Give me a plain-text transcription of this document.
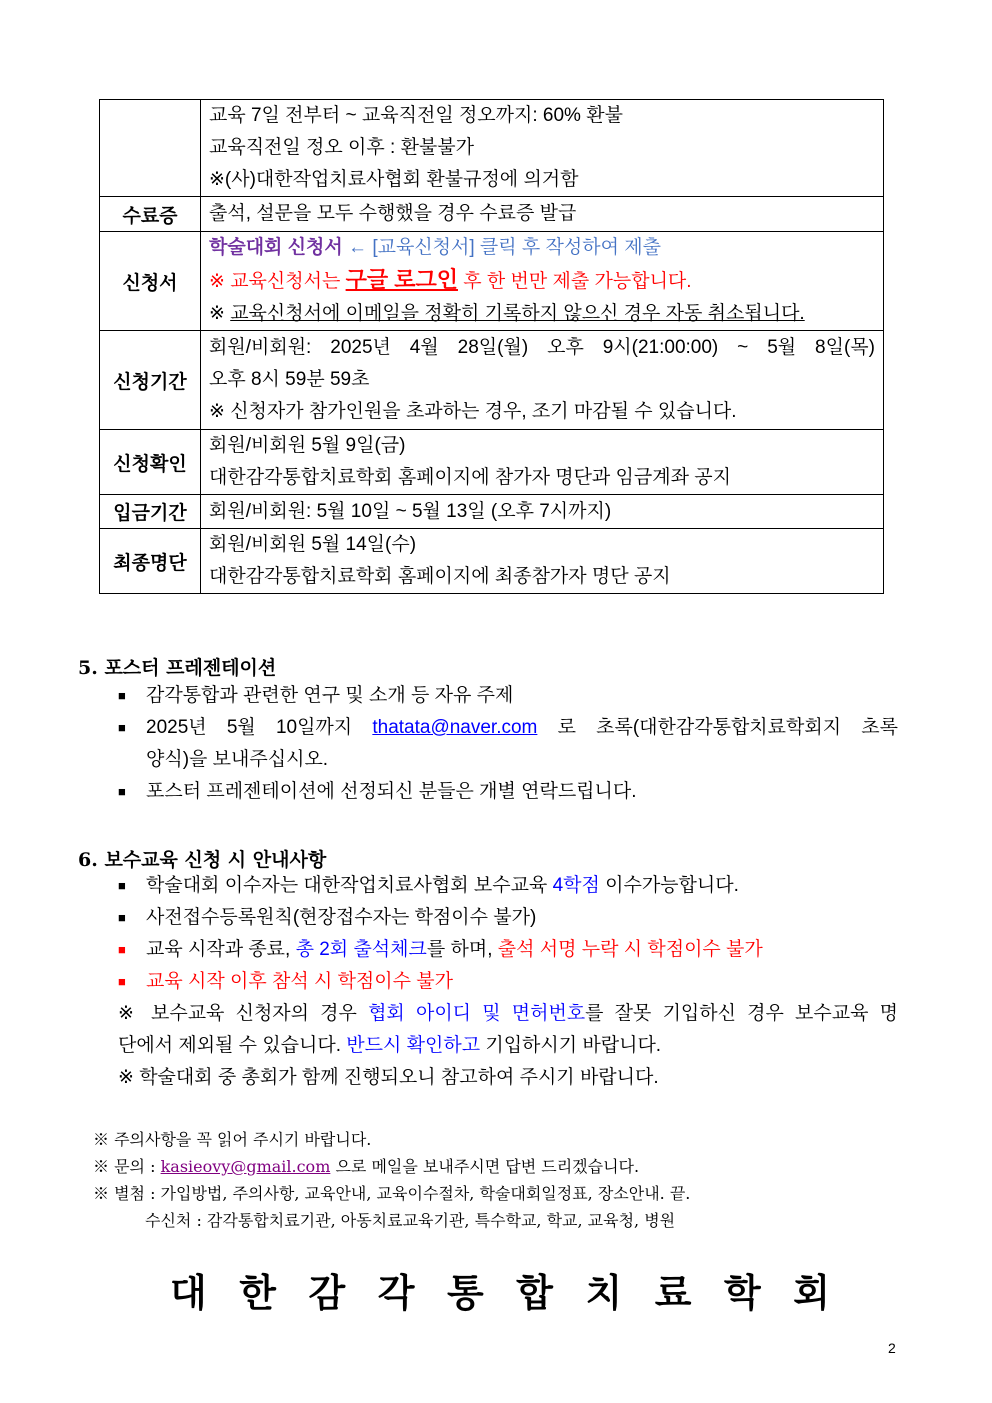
	교육 7일 전부터 ~ 교육직전일 정오까지: 60% 환불
교육직전일 정오 이후 : 환불불가
※(사)대한작업치료사협회 환불규정에 의거함

수료증	출석, 설문을 모두 수행했을 경우 수료증 발급
신청서	학술대회 신청서 ← [교육신청서] 클릭 후 작성하여 제출
※ 교육신청서는 구글 로그인 후 한 번만 제출 가능합니다.
※ 교육신청서에 이메일을 정확히 기록하지 않으신 경우 자동 취소됩니다.

신청기간	회원/비회원: 2025년 4월 28일(월) 오후 9시(21:00:00) ~ 5월 8일(목)
오후 8시 59분 59초
※ 신청자가 참가인원을 초과하는 경우, 조기 마감될 수 있습니다.

신청확인	회원/비회원 5월 9일(금)
대한감각통합치료학회 홈페이지에 참가자 명단과 임금계좌 공지

입금기간	회원/비회원: 5월 10일 ~ 5월 13일 (오후 7시까지)
최종명단	회원/비회원 5월 14일(수)
대한감각통합치료학회 홈페이지에 최종참가자 명단 공지
5. 포스터 프레젠테이션
■ 감각통합과 관련한 연구 및 소개 등 자유 주제
■ 2025년 5월 10일까지 thatata@naver.com 로 초록(대한감각통합치료학회지 초록
양식)을 보내주십시오.
■ 포스터 프레젠테이션에 선정되신 분들은 개별 연락드립니다.
6. 보수교육 신청 시 안내사항
■ 학술대회 이수자는 대한작업치료사협회 보수교육 4학점 이수가능합니다.
■ 사전접수등록원칙(현장접수자는 학점이수 불가)
■ 교육 시작과 종료, 총 2회 출석체크를 하며, 출석 서명 누락 시 학점이수 불가
■ 교육 시작 이후 참석 시 학점이수 불가
※ 보수교육 신청자의 경우 협회 아이디 및 면허번호를 잘못 기입하신 경우 보수교육 명
단에서 제외될 수 있습니다. 반드시 확인하고 기입하시기 바랍니다.
※ 학술대회 중 총회가 함께 진행되오니 참고하여 주시기 바랍니다.
※ 주의사항을 꼭 읽어 주시기 바랍니다.
※ 문의 : kasieovy@gmail.com 으로 메일을 보내주시면 답변 드리겠습니다.
※ 별첨 : 가입방법, 주의사항, 교육안내, 교육이수절차, 학술대회일정표, 장소안내. 끝.
수신처 : 감각통합치료기관, 아동치료교육기관, 특수학교, 학교, 교육청, 병원
대 한 감 각 통 합 치 료 학 회
2
